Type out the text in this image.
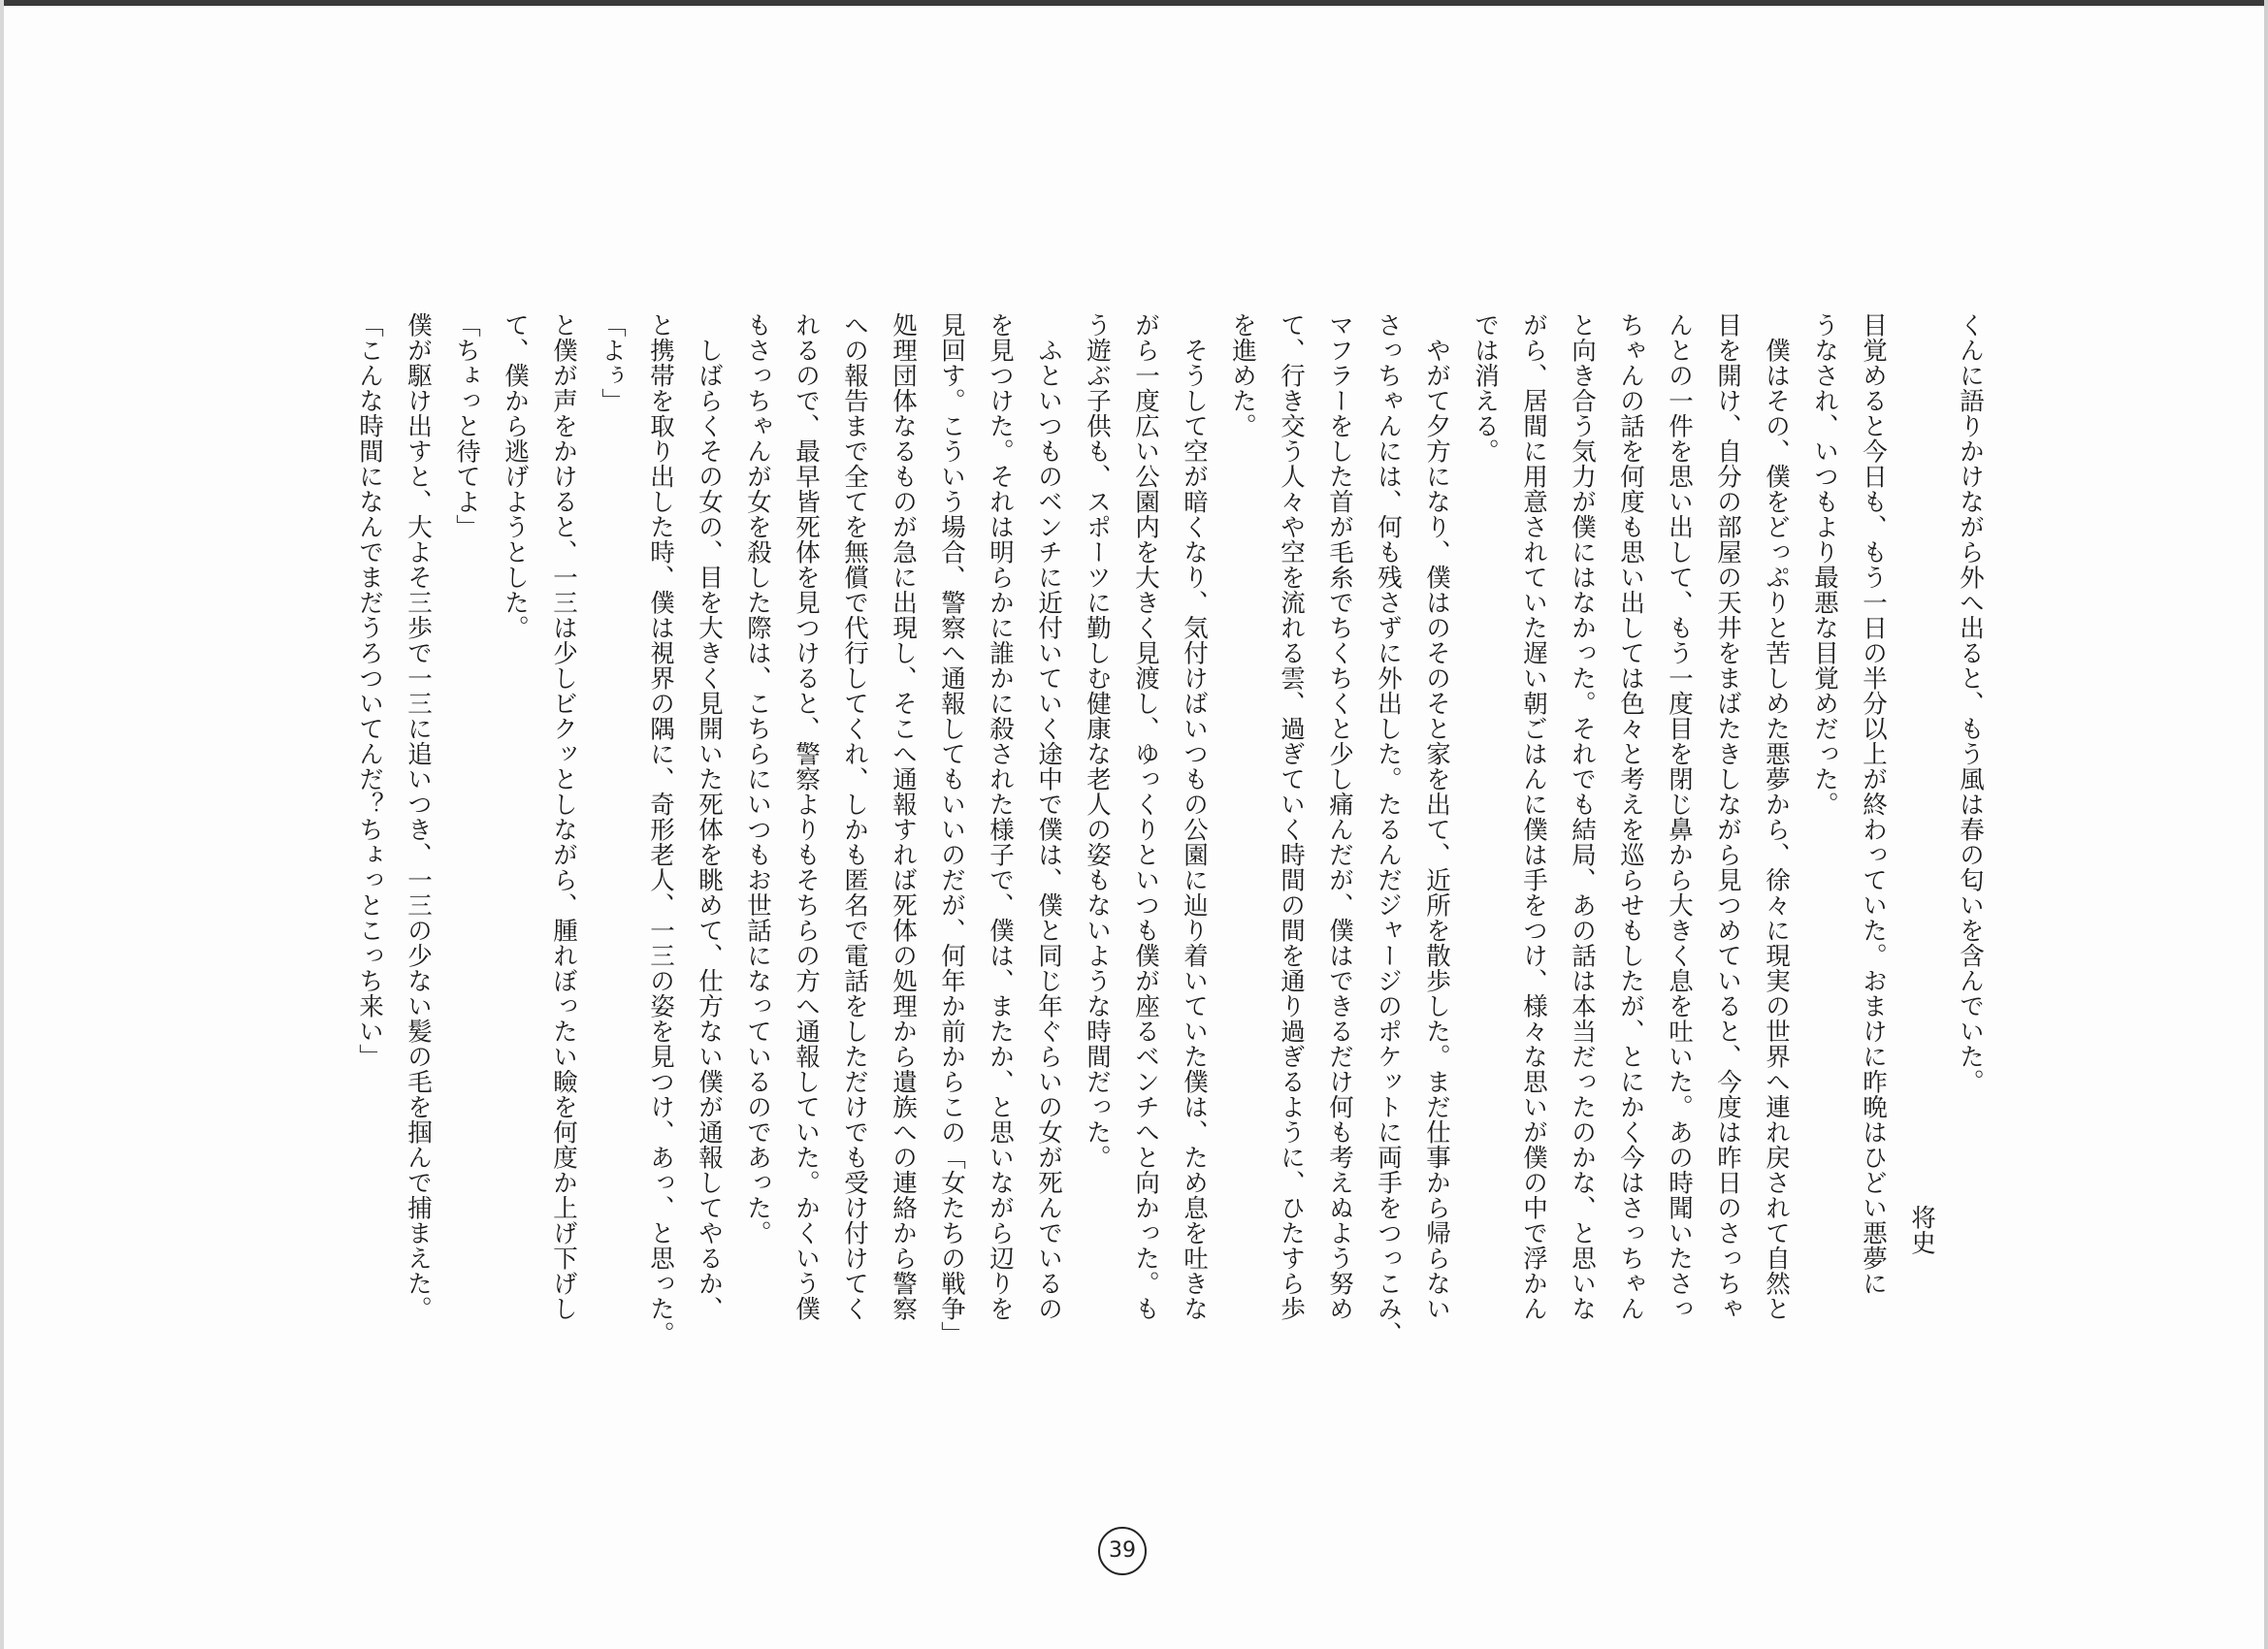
くんに語りかけながら外へ出ると、もう風は春の匂いを含んでいた。

将史

目覚めると今日も、もう一日の半分以上が終わっていた。おまけに昨晩はひどい悪夢に

うなされ、いつもより最悪な目覚めだった。

　僕はその、僕をどっぷりと苦しめた悪夢から、徐々に現実の世界へ連れ戻されて自然と

目を開け、自分の部屋の天井をまばたきしながら見つめていると、今度は昨日のさっちゃ

んとの一件を思い出して、もう一度目を閉じ鼻から大きく息を吐いた。あの時聞いたさっ

ちゃんの話を何度も思い出しては色々と考えを巡らせもしたが、とにかく今はさっちゃん

と向き合う気力が僕にはなかった。それでも結局、あの話は本当だったのかな、と思いな

がら、居間に用意されていた遅い朝ごはんに僕は手をつけ、様々な思いが僕の中で浮かん

では消える。

　やがて夕方になり、僕はのそのそと家を出て、近所を散歩した。まだ仕事から帰らない

さっちゃんには、何も残さずに外出した。たるんだジャージのポケットに両手をつっこみ、

マフラーをした首が毛糸でちくちくと少し痛んだが、僕はできるだけ何も考えぬよう努め

て、行き交う人々や空を流れる雲、過ぎていく時間の間を通り過ぎるように、ひたすら歩

を進めた。

　そうして空が暗くなり、気付けばいつもの公園に辿り着いていた僕は、ため息を吐きな

がら一度広い公園内を大きく見渡し、ゆっくりといつも僕が座るベンチへと向かった。も

う遊ぶ子供も、スポーツに勤しむ健康な老人の姿もないような時間だった。

　ふといつものベンチに近付いていく途中で僕は、僕と同じ年ぐらいの女が死んでいるの

を見つけた。それは明らかに誰かに殺された様子で、僕は、またか、と思いながら辺りを

見回す。こういう場合、警察へ通報してもいいのだが、何年か前からこの「女たちの戦争」

処理団体なるものが急に出現し、そこへ通報すれば死体の処理から遺族への連絡から警察

への報告まで全てを無償で代行してくれ、しかも匿名で電話をしただけでも受け付けてく

れるので、最早皆死体を見つけると、警察よりもそちらの方へ通報していた。かくいう僕

もさっちゃんが女を殺した際は、こちらにいつもお世話になっているのであった。

　しばらくその女の、目を大きく見開いた死体を眺めて、仕方ない僕が通報してやるか、

と携帯を取り出した時、僕は視界の隅に、奇形老人、一三の姿を見つけ、あっ、と思った。

「よぅ」

と僕が声をかけると、一三は少しビクッとしながら、腫れぼったい瞼を何度か上げ下げし

て、僕から逃げようとした。

「ちょっと待てよ」

僕が駆け出すと、大よそ三歩で一三に追いつき、一三の少ない髪の毛を掴んで捕まえた。

「こんな時間になんでまだうろついてんだ？ちょっとこっち来い」

39
